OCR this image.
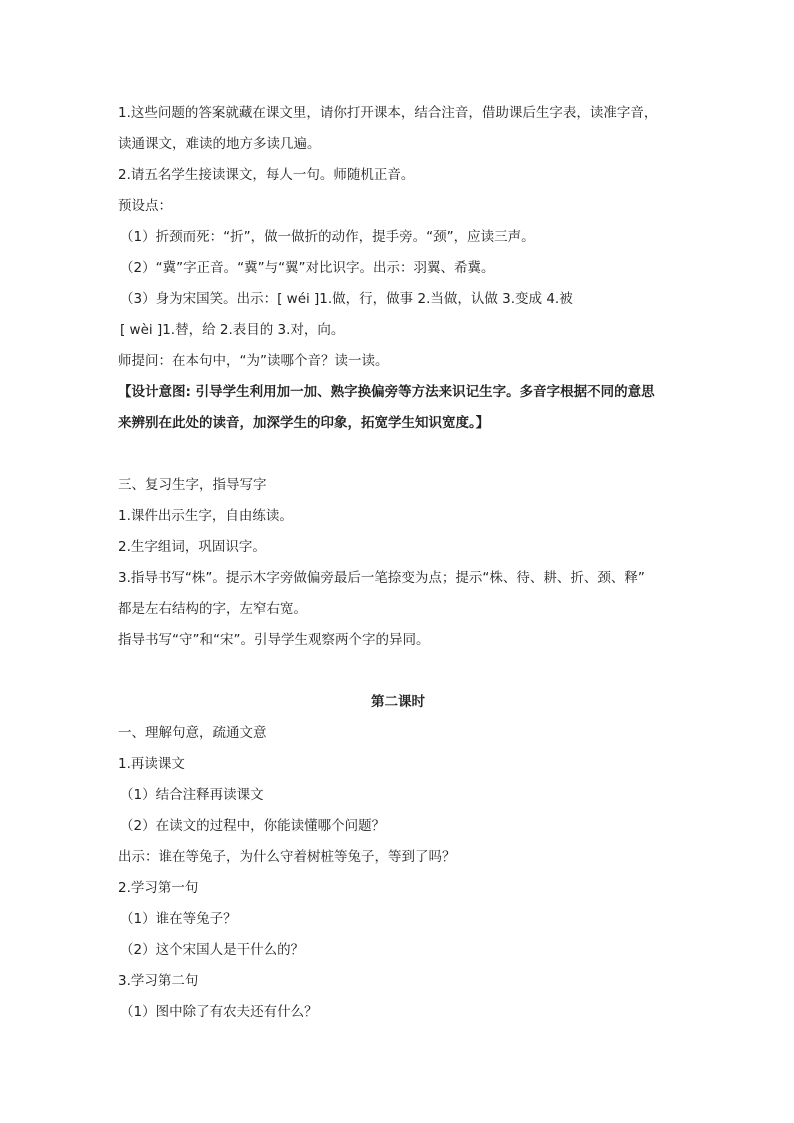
1.这些问题的答案就藏在课文里，请你打开课本，结合注音，借助课后生字表，读准字音，
读通课文，难读的地方多读几遍。
2.请五名学生接读课文，每人一句。师随机正音。
预设点：
（1）折颈而死：“折”，做一做折的动作，提手旁。“颈”，应读三声。
（2）“冀”字正音。“冀”与“翼”对比识字。出示：羽翼、希冀。
（3）身为宋国笑。出示：[ wéi ]1.做，行，做事 2.当做，认做 3.变成 4.被
[ wèi ]1.替，给 2.表目的 3.对，向。
师提问：在本句中，“为”读哪个音？读一读。
【设计意图: 引导学生利用加一加、熟字换偏旁等方法来识记生字。多音字根据不同的意思
来辨别在此处的读音，加深学生的印象，拓宽学生知识宽度。】
三、复习生字，指导写字
1.课件出示生字，自由练读。
2.生字组词，巩固识字。
3.指导书写“株”。提示木字旁做偏旁最后一笔捺变为点；提示“株、待、耕、折、颈、释”
都是左右结构的字，左窄右宽。
指导书写“守”和“宋”。引导学生观察两个字的异同。
第二课时
一、理解句意，疏通文意
1.再读课文
（1）结合注释再读课文
（2）在读文的过程中，你能读懂哪个问题？
出示：谁在等兔子，为什么守着树桩等兔子，等到了吗？
2.学习第一句
（1）谁在等兔子？
（2）这个宋国人是干什么的？
3.学习第二句
（1）图中除了有农夫还有什么？
